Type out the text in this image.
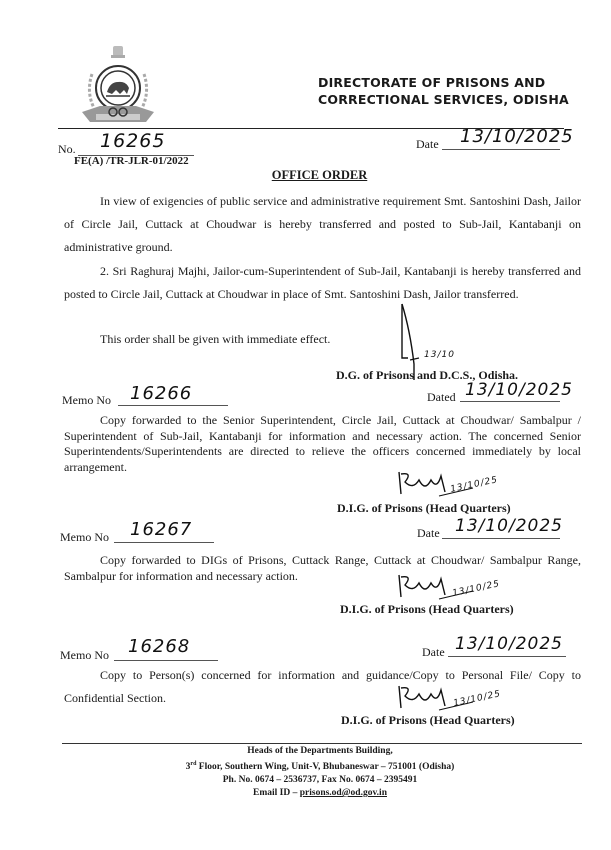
DIRECTORATE OF PRISONS AND
CORRECTIONAL SERVICES, ODISHA
No. 16265
FE(A) /TR-JLR-01/2022
Date 13/10/2025
OFFICE ORDER
In view of exigencies of public service and administrative requirement Smt. Santoshini Dash, Jailor of Circle Jail, Cuttack at Choudwar is hereby transferred and posted to Sub-Jail, Kantabanji on administrative ground.
2. Sri Raghuraj Majhi, Jailor-cum-Superintendent of Sub-Jail, Kantabanji is hereby transferred and posted to Circle Jail, Cuttack at Choudwar in place of Smt. Santoshini Dash, Jailor transferred.
This order shall be given with immediate effect.
13/10
D.G. of Prisons and D.C.S., Odisha.
Memo No 16266	Dated 13/10/2025
Copy forwarded to the Senior Superintendent, Circle Jail, Cuttack at Choudwar/ Sambalpur / Superintendent of Sub-Jail, Kantabanji for information and necessary action. The concerned Senior Superintendents/Superintendents are directed to relieve the officers concerned immediately by local arrangement.
13/10/25
D.I.G. of Prisons (Head Quarters)
Memo No 16267	Date 13/10/2025
Copy forwarded to DIGs of Prisons, Cuttack Range, Cuttack at Choudwar/ Sambalpur Range, Sambalpur for information and necessary action.
13/10/25
D.I.G. of Prisons (Head Quarters)
Memo No 16268	Date 13/10/2025
Copy to Person(s) concerned for information and guidance/Copy to Personal File/ Copy to Confidential Section.	13/10/25
D.I.G. of Prisons (Head Quarters)
Heads of the Departments Building,
3rd Floor, Southern Wing, Unit-V, Bhubaneswar – 751001 (Odisha)
Ph. No. 0674 – 2536737, Fax No. 0674 – 2395491
Email ID – prisons.od@od.gov.in
